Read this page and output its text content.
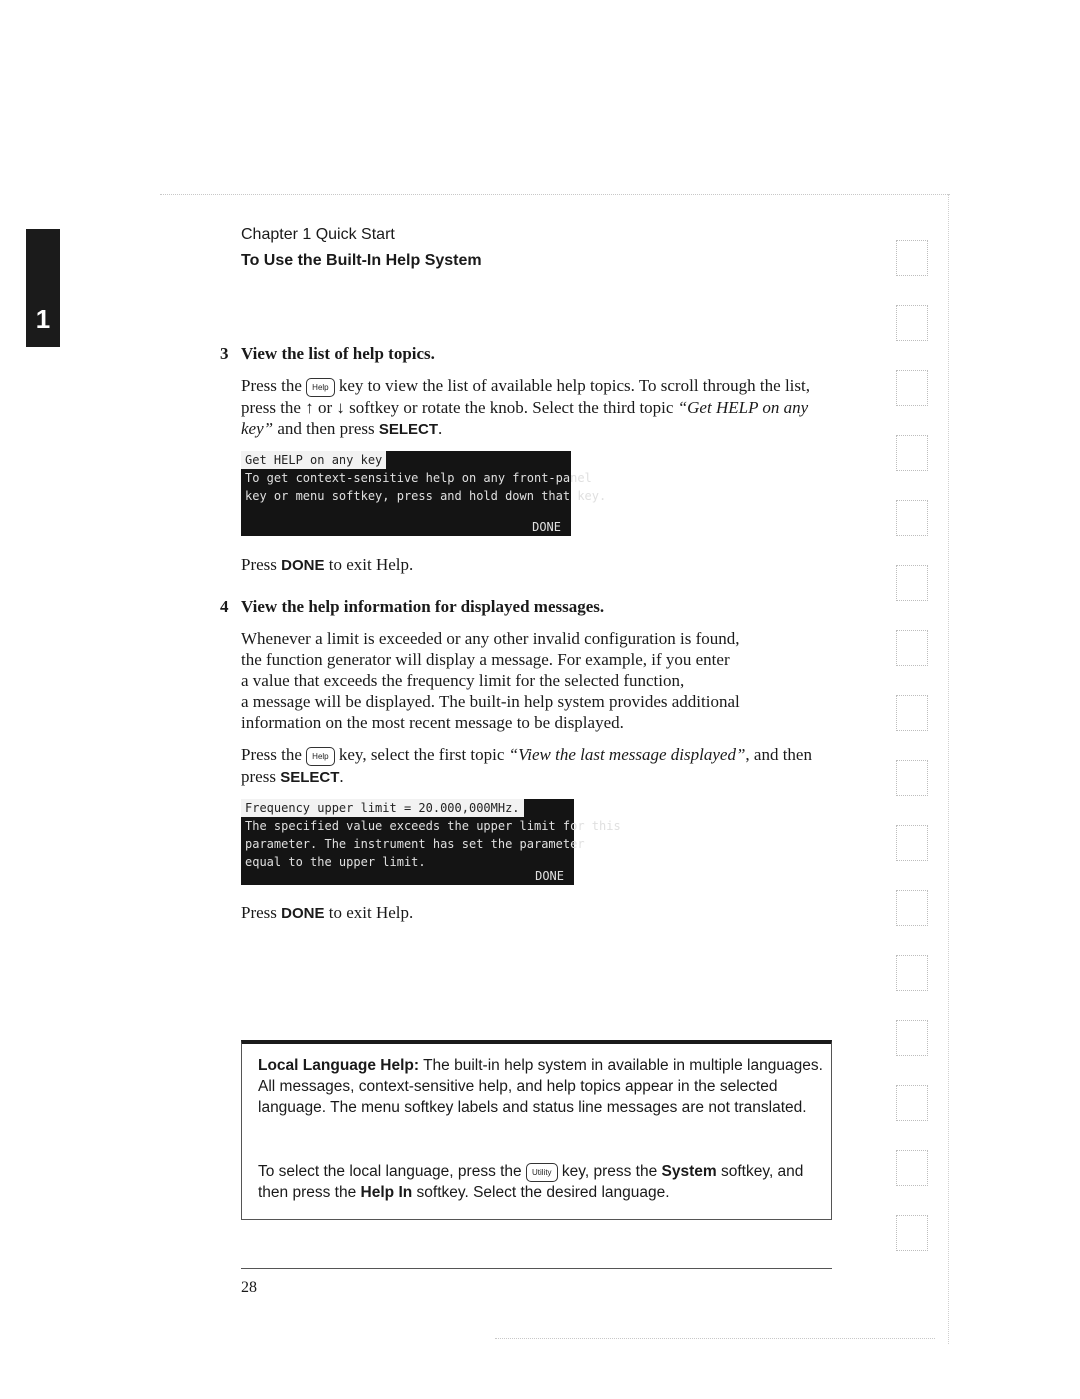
1
Chapter 1 Quick Start
To Use the Built-In Help System
3 View the list of help topics.
Press the Help key to view the list of available help topics. To scroll through the list, press the ↑ or ↓ softkey or rotate the knob. Select the third topic “Get HELP on any key” and then press SELECT.
Get HELP on any key
To get context-sensitive help on any front-panel
key or menu softkey, press and hold down that key.
DONE
Press DONE to exit Help.
4 View the help information for displayed messages.
Whenever a limit is exceeded or any other invalid configuration is found,
the function generator will display a message. For example, if you enter
a value that exceeds the frequency limit for the selected function,
a message will be displayed. The built-in help system provides additional
information on the most recent message to be displayed.
Press the Help key, select the first topic “View the last message displayed”, and then press SELECT.
Frequency upper limit = 20.000,000MHz.
The specified value exceeds the upper limit for this
parameter. The instrument has set the parameter
equal to the upper limit.
DONE
Press DONE to exit Help.
Local Language Help: The built-in help system in available in multiple languages. All messages, context-sensitive help, and help topics appear in the selected language. The menu softkey labels and status line messages are not translated.
To select the local language, press the Utility key, press the System softkey, and then press the Help In softkey. Select the desired language.
28
